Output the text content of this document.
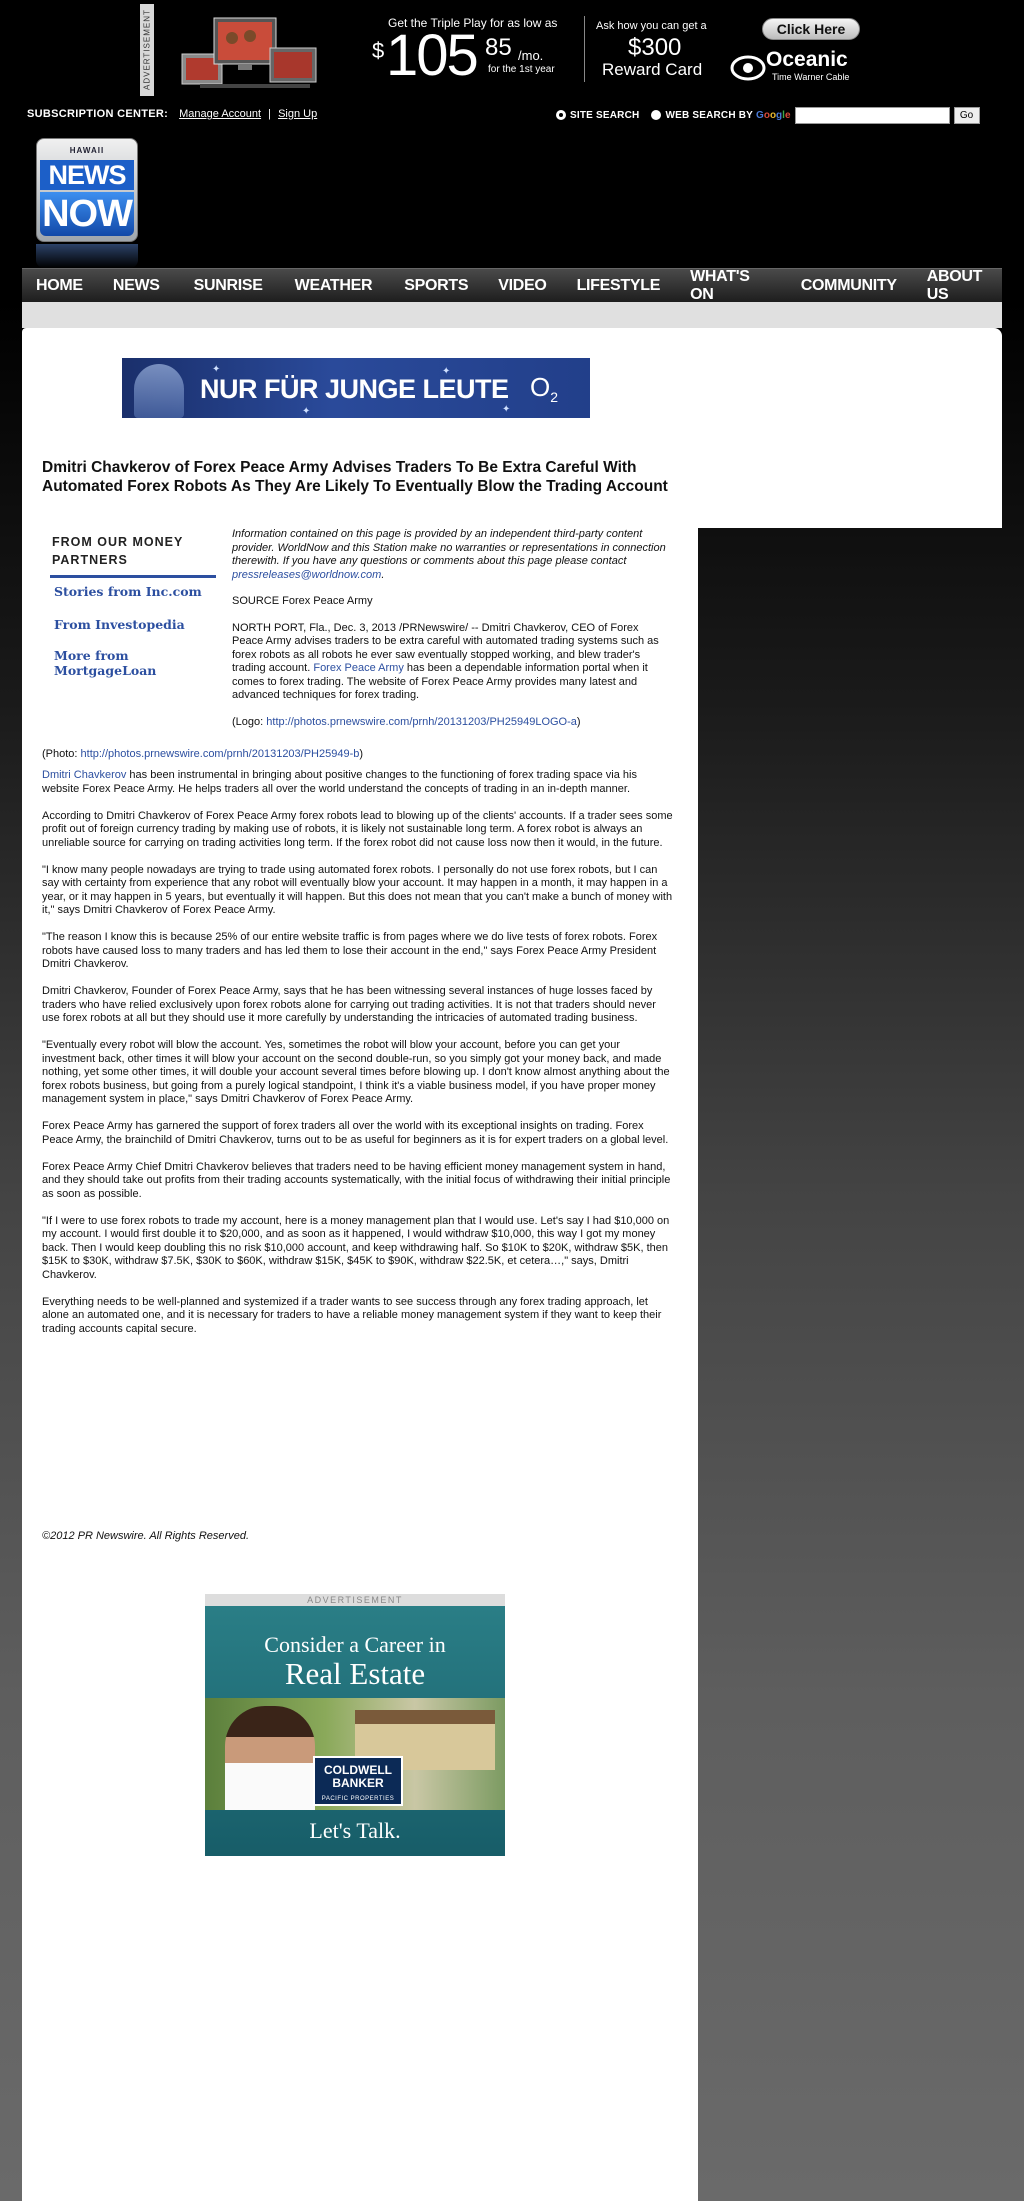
ADVERTISEMENT	Get the Triple Play for as low as
$ 105 85 /mo.
for the 1st year
Ask how you can get a
$300
Reward Card
Click Here
Oceanic
Time Warner Cable
SUBSCRIPTION CENTER: Manage Account | Sign Up	SITE SEARCH	WEB SEARCH BY Google	Go
HAWAII
NEWS
NOW
HOME NEWS SUNRISE WEATHER SPORTS VIDEO LIFESTYLE
WHAT'S ON
COMMUNITY
ABOUT US
✦
✦
✦
✦
NUR FÜR JUNGE LEUTE $O_2$
Dmitri Chavkerov of Forex Peace Army Advises Traders To Be Extra Careful With Automated Forex Robots As They Are Likely To Eventually Blow the Trading Account
FROM OUR MONEY PARTNERS
Stories from Inc.com
From Investopedia
More from MortgageLoan

Information contained on this page is provided by an independent third-party content provider. WorldNow and this Station make no warranties or representations in connection therewith. If you have any questions or comments about this page please contact pressreleases@worldnow.com.

SOURCE Forex Peace Army

NORTH PORT, Fla., Dec. 3, 2013 /PRNewswire/ -- Dmitri Chavkerov, CEO of Forex Peace Army advises traders to be extra careful with automated trading systems such as forex robots as all robots he ever saw eventually stopped working, and blew trader's trading account. Forex Peace Army has been a dependable information portal when it comes to forex trading. The website of Forex Peace Army provides many latest and advanced techniques for forex trading.

(Logo: http://photos.prnewswire.com/prnh/20131203/PH25949LOGO-a)

(Photo: http://photos.prnewswire.com/prnh/20131203/PH25949-b)

Dmitri Chavkerov has been instrumental in bringing about positive changes to the functioning of forex trading space via his website Forex Peace Army. He helps traders all over the world understand the concepts of trading in an in-depth manner.

According to Dmitri Chavkerov of Forex Peace Army forex robots lead to blowing up of the clients' accounts. If a trader sees some profit out of foreign currency trading by making use of robots, it is likely not sustainable long term. A forex robot is always an unreliable source for carrying on trading activities long term. If the forex robot did not cause loss now then it would, in the future.

"I know many people nowadays are trying to trade using automated forex robots. I personally do not use forex robots, but I can say with certainty from experience that any robot will eventually blow your account. It may happen in a month, it may happen in a year, or it may happen in 5 years, but eventually it will happen. But this does not mean that you can't make a bunch of money with it," says Dmitri Chavkerov of Forex Peace Army.

"The reason I know this is because 25% of our entire website traffic is from pages where we do live tests of forex robots. Forex robots have caused loss to many traders and has led them to lose their account in the end," says Forex Peace Army President Dmitri Chavkerov.

Dmitri Chavkerov, Founder of Forex Peace Army, says that he has been witnessing several instances of huge losses faced by traders who have relied exclusively upon forex robots alone for carrying out trading activities. It is not that traders should never use forex robots at all but they should use it more carefully by understanding the intricacies of automated trading business.

"Eventually every robot will blow the account. Yes, sometimes the robot will blow your account, before you can get your investment back, other times it will blow your account on the second double-run, so you simply got your money back, and made nothing, yet some other times, it will double your account several times before blowing up. I don't know almost anything about the forex robots business, but going from a purely logical standpoint, I think it's a viable business model, if you have proper money management system in place," says Dmitri Chavkerov of Forex Peace Army.

Forex Peace Army has garnered the support of forex traders all over the world with its exceptional insights on trading. Forex Peace Army, the brainchild of Dmitri Chavkerov, turns out to be as useful for beginners as it is for expert traders on a global level.

Forex Peace Army Chief Dmitri Chavkerov believes that traders need to be having efficient money management system in hand, and they should take out profits from their trading accounts systematically, with the initial focus of withdrawing their initial principle as soon as possible.

"If I were to use forex robots to trade my account, here is a money management plan that I would use. Let's say I had $10,000 on my account. I would first double it to $20,000, and as soon as it happened, I would withdraw $10,000, this way I got my money back. Then I would keep doubling this no risk $10,000 account, and keep withdrawing half. So $10K to $20K, withdraw $5K, then $15K to $30K, withdraw $7.5K, $30K to $60K, withdraw $15K, $45K to $90K, withdraw $22.5K, et cetera…," says, Dmitri Chavkerov.

Everything needs to be well-planned and systemized if a trader wants to see success through any forex trading approach, let alone an automated one, and it is necessary for traders to have a reliable money management system if they want to keep their trading accounts capital secure.

©2012 PR Newswire. All Rights Reserved.
ADVERTISEMENT
Consider a Career in
Real Estate
COLDWELL BANKER
PACIFIC PROPERTIES
Let's Talk.
